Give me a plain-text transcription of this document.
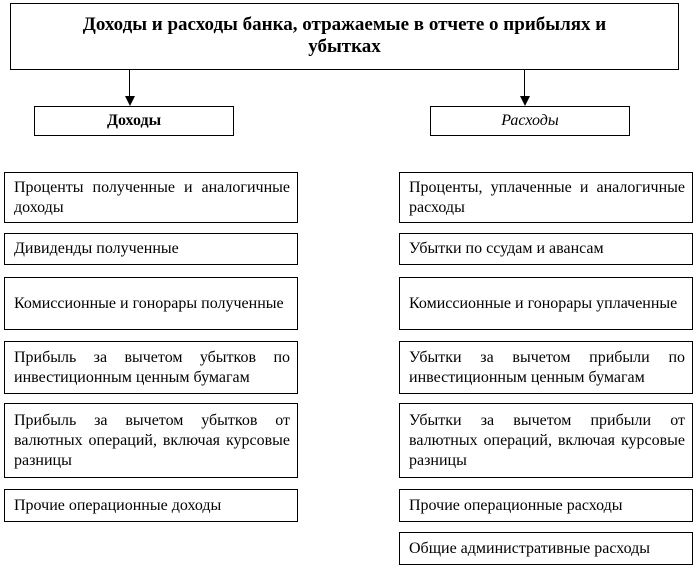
Доходы и расходы банка, отражаемые в отчете о прибылях и убытках
Доходы	Расходы
Проценты полученные и аналогичные доходы
Дивиденды полученные
Комиссионные и гонорары полученные
Прибыль за вычетом убытков по инвестиционным ценным бумагам
Прибыль за вычетом убытков от валютных операций, включая курсовые разницы
Прочие операционные доходы
Проценты, уплаченные и аналогичные расходы
Убытки по ссудам и авансам
Комиссионные и гонорары уплаченные
Убытки за вычетом прибыли по инвестиционным ценным бумагам
Убытки за вычетом прибыли от валютных операций, включая курсовые разницы
Прочие операционные расходы
Общие административные расходы
